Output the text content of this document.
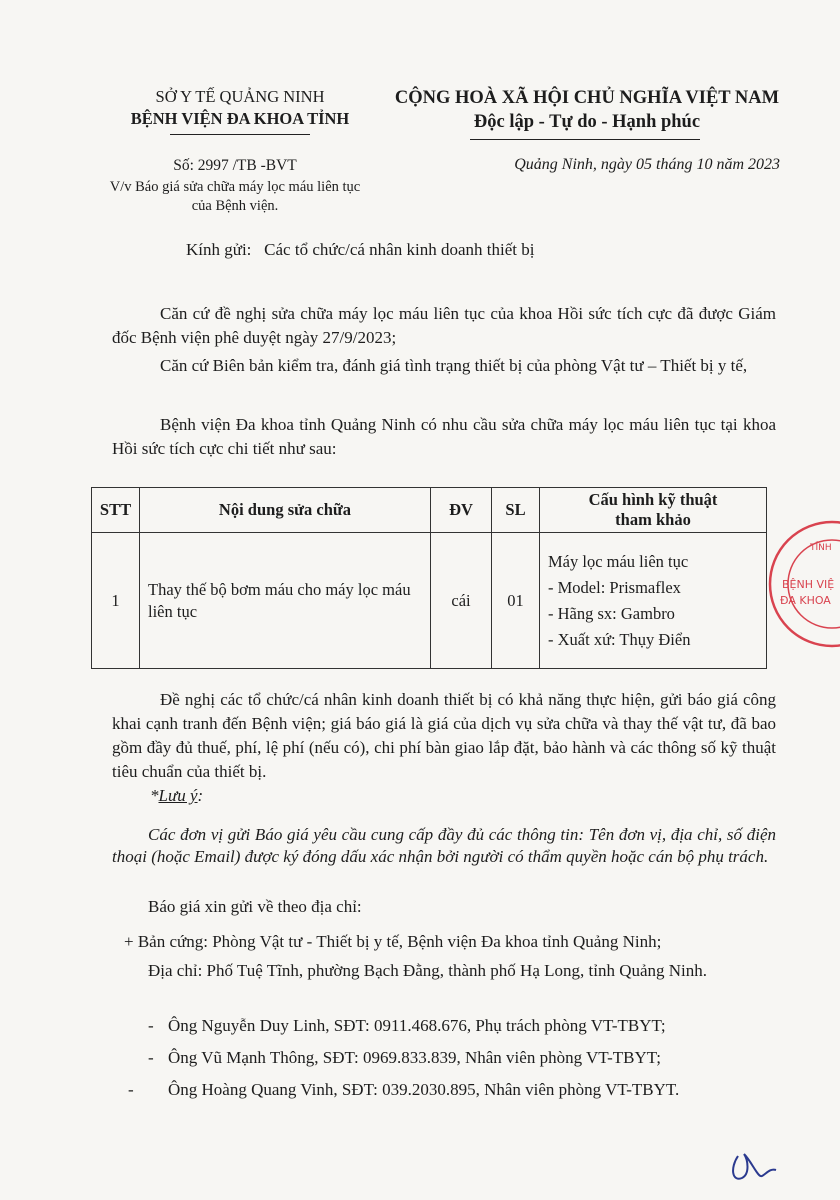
SỞ Y TẾ QUẢNG NINH
BỆNH VIỆN ĐA KHOA TỈNH
CỘNG HOÀ XÃ HỘI CHỦ NGHĨA VIỆT NAM
Độc lập - Tự do - Hạnh phúc
Số: 2997 /TB -BVT
V/v Báo giá sửa chữa máy lọc máu liên tục
của Bệnh viện.
Quảng Ninh, ngày 05 tháng 10 năm 2023
Kính gửi:   Các tổ chức/cá nhân kinh doanh thiết bị
Căn cứ đề nghị sửa chữa máy lọc máu liên tục của khoa Hồi sức tích cực đã được Giám đốc Bệnh viện phê duyệt ngày 27/9/2023;
Căn cứ Biên bản kiểm tra, đánh giá tình trạng thiết bị của phòng Vật tư – Thiết bị y tế,
Bệnh viện Đa khoa tỉnh Quảng Ninh có nhu cầu sửa chữa máy lọc máu liên tục tại khoa Hồi sức tích cực chi tiết như sau:
STT	Nội dung sửa chữa	ĐV	SL	Cấu hình kỹ thuật
tham khảo

1	Thay thế bộ bơm máu cho máy lọc máu liên tục	cái	01	Máy lọc máu liên tục
- Model: Prismaflex
- Hãng sx: Gambro
- Xuất xứ: Thụy Điển
TỈNH
BỆNH VIỆ
ĐA KHOA
Đề nghị các tổ chức/cá nhân kinh doanh thiết bị có khả năng thực hiện, gửi báo giá công khai cạnh tranh đến Bệnh viện; giá báo giá là giá của dịch vụ sửa chữa và thay thế vật tư, đã bao gồm đầy đủ thuế, phí, lệ phí (nếu có), chi phí bàn giao lắp đặt, bảo hành và các thông số kỹ thuật tiêu chuẩn của thiết bị.
*Lưu ý:
Các đơn vị gửi Báo giá yêu cầu cung cấp đầy đủ các thông tin: Tên đơn vị, địa chỉ, số điện thoại (hoặc Email) được ký đóng dấu xác nhận bởi người có thẩm quyền hoặc cán bộ phụ trách.
Báo giá xin gửi về theo địa chỉ:
+ Bản cứng: Phòng Vật tư - Thiết bị y tế, Bệnh viện Đa khoa tỉnh Quảng Ninh;
Địa chỉ: Phố Tuệ Tĩnh, phường Bạch Đằng, thành phố Hạ Long, tỉnh Quảng Ninh.
- Ông Nguyễn Duy Linh, SĐT: 0911.468.676, Phụ trách phòng VT-TBYT;
- Ông Vũ Mạnh Thông, SĐT: 0969.833.839, Nhân viên phòng VT-TBYT;
- Ông Hoàng Quang Vinh, SĐT: 039.2030.895, Nhân viên phòng VT-TBYT.
